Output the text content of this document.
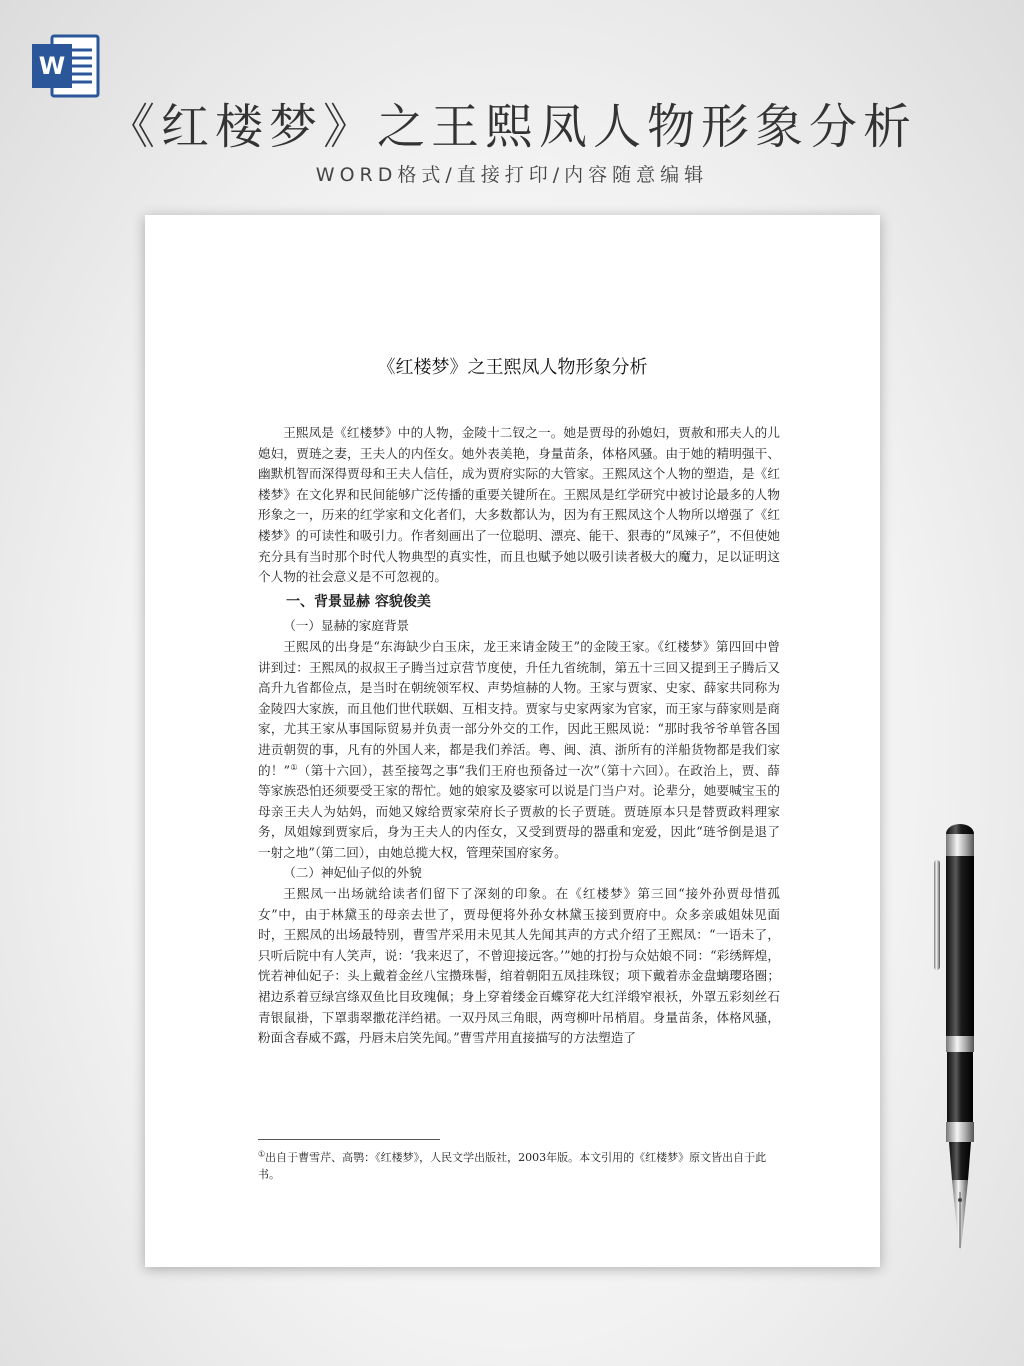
W
《红楼梦》之王熙凤人物形象分析
WORD格式/直接打印/内容随意编辑
《红楼梦》之王熙凤人物形象分析

王熙凤是《红楼梦》中的人物，金陵十二钗之一。她是贾母的孙媳妇，贾赦和邢夫人的儿媳妇，贾琏之妻，王夫人的内侄女。她外表美艳，身量苗条，体格风骚。由于她的精明强干、幽默机智而深得贾母和王夫人信任，成为贾府实际的大管家。王熙凤这个人物的塑造，是《红楼梦》在文化界和民间能够广泛传播的重要关键所在。王熙凤是红学研究中被讨论最多的人物形象之一，历来的红学家和文化者们，大多数都认为，因为有王熙凤这个人物所以增强了《红楼梦》的可读性和吸引力。作者刻画出了一位聪明、漂亮、能干、狠毒的“凤辣子”，不但使她充分具有当时那个时代人物典型的真实性，而且也赋予她以吸引读者极大的魔力，足以证明这个人物的社会意义是不可忽视的。

一、背景显赫 容貌俊美

（一）显赫的家庭背景

王熙凤的出身是“东海缺少白玉床，龙王来请金陵王”的金陵王家。《红楼梦》第四回中曾讲到过：王熙凤的叔叔王子腾当过京营节度使，升任九省统制，第五十三回又提到王子腾后又高升九省都俭点，是当时在朝统领军权、声势煊赫的人物。王家与贾家、史家、薛家共同称为金陵四大家族，而且他们世代联姻、互相支持。贾家与史家两家为官家，而王家与薛家则是商家，尤其王家从事国际贸易并负责一部分外交的工作，因此王熙凤说：“那时我爷爷单管各国进贡朝贺的事，凡有的外国人来，都是我们养活。粤、闽、滇、浙所有的洋船货物都是我们家的！”①（第十六回），甚至接驾之事“我们王府也预备过一次”（第十六回）。在政治上，贾、薛等家族恐怕还须要受王家的帮忙。她的娘家及婆家可以说是门当户对。论辈分，她要喊宝玉的母亲王夫人为姑妈，而她又嫁给贾家荣府长子贾赦的长子贾琏。贾琏原本只是替贾政料理家务，凤姐嫁到贾家后，身为王夫人的内侄女，又受到贾母的器重和宠爱，因此“琏爷倒是退了一射之地”（第二回），由她总揽大权，管理荣国府家务。

（二）神妃仙子似的外貌

王熙凤一出场就给读者们留下了深刻的印象。在《红楼梦》第三回“接外孙贾母惜孤女”中，由于林黛玉的母亲去世了，贾母便将外孙女林黛玉接到贾府中。众多亲戚姐妹见面时，王熙凤的出场最特别，曹雪芹采用未见其人先闻其声的方式介绍了王熙凤：“一语未了，只听后院中有人笑声，说：‘我来迟了，不曾迎接远客。’”她的打扮与众姑娘不同：“彩绣辉煌，恍若神仙妃子：头上戴着金丝八宝攒珠髻，绾着朝阳五凤挂珠钗；项下戴着赤金盘螭璎珞圈；裙边系着豆绿宫绦双鱼比目玫瑰佩；身上穿着缕金百蝶穿花大红洋缎窄裉袄，外罩五彩刻丝石青银鼠褂，下罩翡翠撒花洋绉裙。一双丹凤三角眼，两弯柳叶吊梢眉。身量苗条，体格风骚，粉面含春威不露，丹唇未启笑先闻。”曹雪芹用直接描写的方法塑造了

①出自于曹雪芹、高鹗：《红楼梦》，人民文学出版社，2003年版。本文引用的《红楼梦》原文皆出自于此书。
